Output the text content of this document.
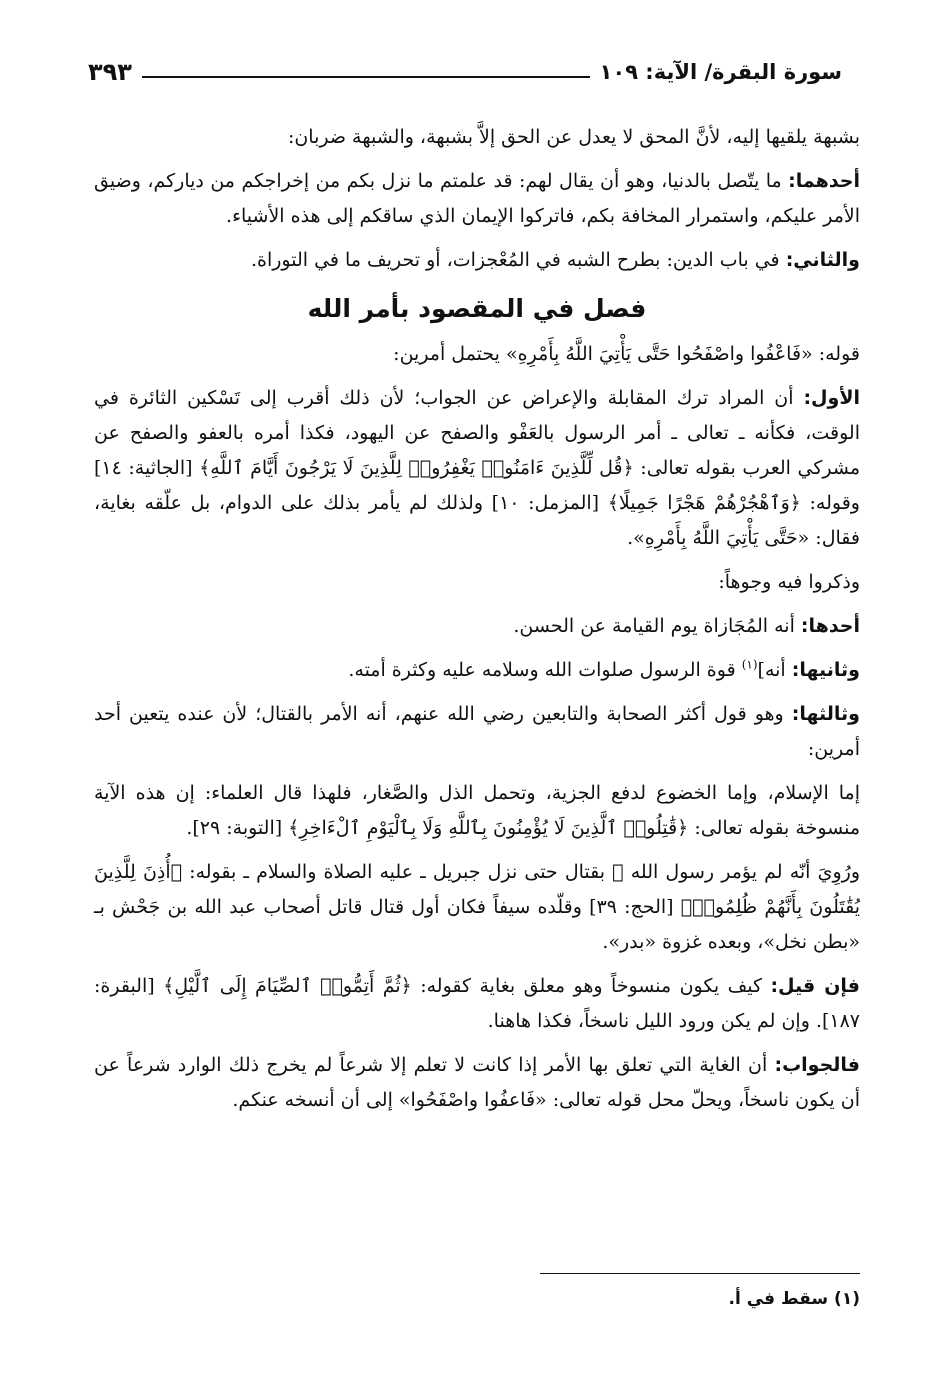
سورة البقرة/ الآية: ١٠٩
٣٩٣

بشبهة يلقيها إليه، لأنَّ المحق لا يعدل عن الحق إلاَّ بشبهة، والشبهة ضربان:

أحدهما: ما يتّصل بالدنيا، وهو أن يقال لهم: قد علمتم ما نزل بكم من إخراجكم من دياركم، وضيق الأمر عليكم، واستمرار المخافة بكم، فاتركوا الإيمان الذي ساقكم إلى هذه الأشياء.

والثاني: في باب الدين: بطرح الشبه في المُعْجزات، أو تحريف ما في التوراة.

فصل في المقصود بأمر الله

قوله: «فَاعْفُوا واصْفَحُوا حَتَّى يَأْتِيَ اللَّهُ بِأَمْرِهِ» يحتمل أمرين:

الأول: أن المراد ترك المقابلة والإعراض عن الجواب؛ لأن ذلك أقرب إلى تَسْكين الثائرة في الوقت، فكأنه ـ تعالى ـ أمر الرسول بالعَفْو والصفح عن اليهود، فكذا أمره بالعفو والصفح عن مشركي العرب بقوله تعالى: ﴿قُل لِّلَّذِينَ ءَامَنُوا۟ يَغْفِرُوا۟ لِلَّذِينَ لَا يَرْجُونَ أَيَّامَ ٱللَّهِ﴾ [الجاثية: ١٤] وقوله: ﴿وَٱهْجُرْهُمْ هَجْرًا جَمِيلًا﴾ [المزمل: ١٠] ولذلك لم يأمر بذلك على الدوام، بل علّقه بغاية، فقال: «حَتَّى يَأْتِيَ اللَّهُ بِأَمْرِهِ».

وذكروا فيه وجوهاً:

أحدها: أنه المُجَازاة يوم القيامة عن الحسن.

وثانيها: أنه]$^{(١)}$ قوة الرسول صلوات الله وسلامه عليه وكثرة أمته.

وثالثها: وهو قول أكثر الصحابة والتابعين رضي الله عنهم، أنه الأمر بالقتال؛ لأن عنده يتعين أحد أمرين:

إما الإسلام، وإما الخضوع لدفع الجزية، وتحمل الذل والصَّغار، فلهذا قال العلماء: إن هذه الآية منسوخة بقوله تعالى: ﴿قَٰتِلُوا۟ ٱلَّذِينَ لَا يُؤْمِنُونَ بِٱللَّهِ وَلَا بِٱلْيَوْمِ ٱلْءَاخِرِ﴾ [التوبة: ٢٩].

ورُوِيَ أنّه لم يؤمر رسول الله ﷺ بقتال حتى نزل جبريل ـ عليه الصلاة والسلام ـ بقوله: ﴿أُذِنَ لِلَّذِينَ يُقَٰتَلُونَ بِأَنَّهُمْ ظُلِمُوا۟﴾ [الحج: ٣٩] وقلّده سيفاً فكان أول قتال قاتل أصحاب عبد الله بن جَحْش بـ «بطن نخل»، وبعده غزوة «بدر».

فإن قيل: كيف يكون منسوخاً وهو معلق بغاية كقوله: ﴿ثُمَّ أَتِمُّوا۟ ٱلصِّيَامَ إِلَى ٱلَّيْلِ﴾ [البقرة: ١٨٧]. وإن لم يكن ورود الليل ناسخاً، فكذا هاهنا.

فالجواب: أن الغاية التي تعلق بها الأمر إذا كانت لا تعلم إلا شرعاً لم يخرج ذلك الوارد شرعاً عن أن يكون ناسخاً، ويحلّ محل قوله تعالى: «فَاعفُوا واصْفَحُوا» إلى أن أنسخه عنكم.

(١) سقط في أ.
